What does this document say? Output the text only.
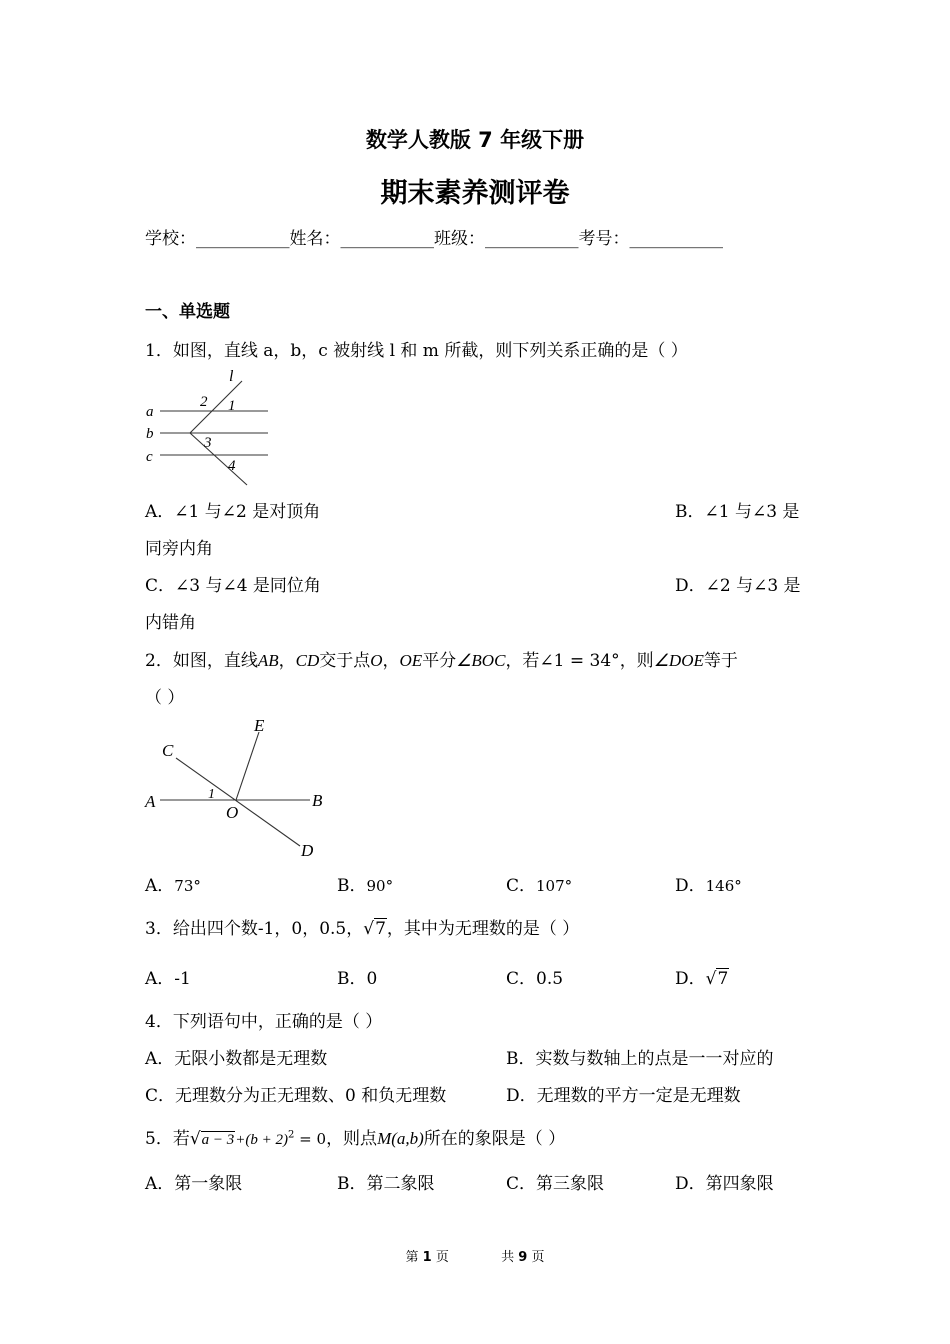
数学人教版 7 年级下册
期末素养测评卷
学校：___________姓名：___________班级：___________考号：___________
一、单选题
1．如图，直线 a，b，c 被射线 l 和 m 所截，则下列关系正确的是（ ）
l
a
b
c
2 1
3
4
A．∠1 与∠2 是对顶角	B．∠1 与∠3 是
同旁内角
C．∠3 与∠4 是同位角	D．∠2 与∠3 是
内错角
2．如图，直线AB，CD交于点O，OE平分∠BOC，若∠1 = 34°，则∠DOE等于
（ ）
E
C
A	B
O
D
1
A．73°	B．90°	C．107°	D．146°
3．给出四个数-1，0，0.5，√7，其中为无理数的是（ ）
A．-1	B．0	C．0.5	D．√7
4．下列语句中，正确的是（ ）
A．无限小数都是无理数	B．实数与数轴上的点是一一对应的
C．无理数分为正无理数、0 和负无理数	D．无理数的平方一定是无理数
5．若$√a - 3+(b + 2)^2 = 0$，则点M(a,b)所在的象限是（ ）
A．第一象限	B．第二象限	C．第三象限	D．第四象限
第 1 页	共 9 页
